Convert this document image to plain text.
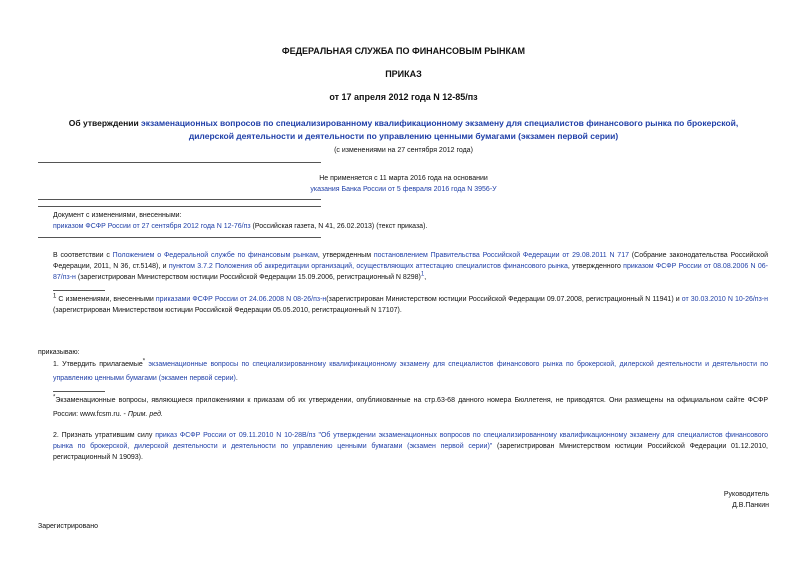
ФЕДЕРАЛЬНАЯ СЛУЖБА ПО ФИНАНСОВЫМ РЫНКАМ
ПРИКАЗ
от 17 апреля 2012 года N 12-85/пз
Об утверждении экзаменационных вопросов по специализированному квалификационному экзамену для специалистов финансового рынка по брокерской,
дилерской деятельности и деятельности по управлению ценными бумагами (экзамен первой серии)
(с изменениями на 27 сентября 2012 года)
Не применяется с 11 марта 2016 года на основании
указания Банка России от 5 февраля 2016 года N 3956-У
Документ с изменениями, внесенными:
приказом ФСФР России от 27 сентября 2012 года N 12-76/пз (Российская газета, N 41, 26.02.2013) (текст приказа).
В соответствии с Положением о Федеральной службе по финансовым рынкам, утвержденным постановлением Правительства Российской Федерации от 29.08.2011 N 717 (Собрание законодательства Российской Федерации, 2011, N 36, ст.5148), и пунктом 3.7.2 Положения об аккредитации организаций, осуществляющих аттестацию специалистов финансового рынка, утвержденного приказом ФСФР России от 08.08.2006 N 06-87/пз-н (зарегистрирован Министерством юстиции Российской Федерации 15.09.2006, регистрационный N 8298)$^1$,
$^1$ С изменениями, внесенными приказами ФСФР России от 24.06.2008 N 08-26/пз-н(зарегистрирован Министерством юстиции Российской Федерации 09.07.2008, регистрационный N 11941) и от 30.03.2010 N 10-26/пз-н (зарегистрирован Министерством юстиции Российской Федерации 05.05.2010, регистрационный N 17107).
приказываю:
1. Утвердить прилагаемые* экзаменационные вопросы по специализированному квалификационному экзамену для специалистов финансового рынка по брокерской, дилерской деятельности и деятельности по управлению ценными бумагами (экзамен первой серии).
*Экзаменационные вопросы, являющиеся приложениями к приказам об их утверждении, опубликованные на стр.63-68 данного номера Бюллетеня, не приводятся. Они размещены на официальном сайте ФСФР России: www.fcsm.ru. - Прим. ред.
2. Признать утратившим силу приказ ФСФР России от 09.11.2010 N 10-28В/пз "Об утверждении экзаменационных вопросов по специализированному квалификационному экзамену для специалистов финансового рынка по брокерской, дилерской деятельности и деятельности по управлению ценными бумагами (экзамен первой серии)" (зарегистрирован Министерством юстиции Российской Федерации 01.12.2010, регистрационный N 19093).
Руководитель
Д.В.Панкин
Зарегистрировано
